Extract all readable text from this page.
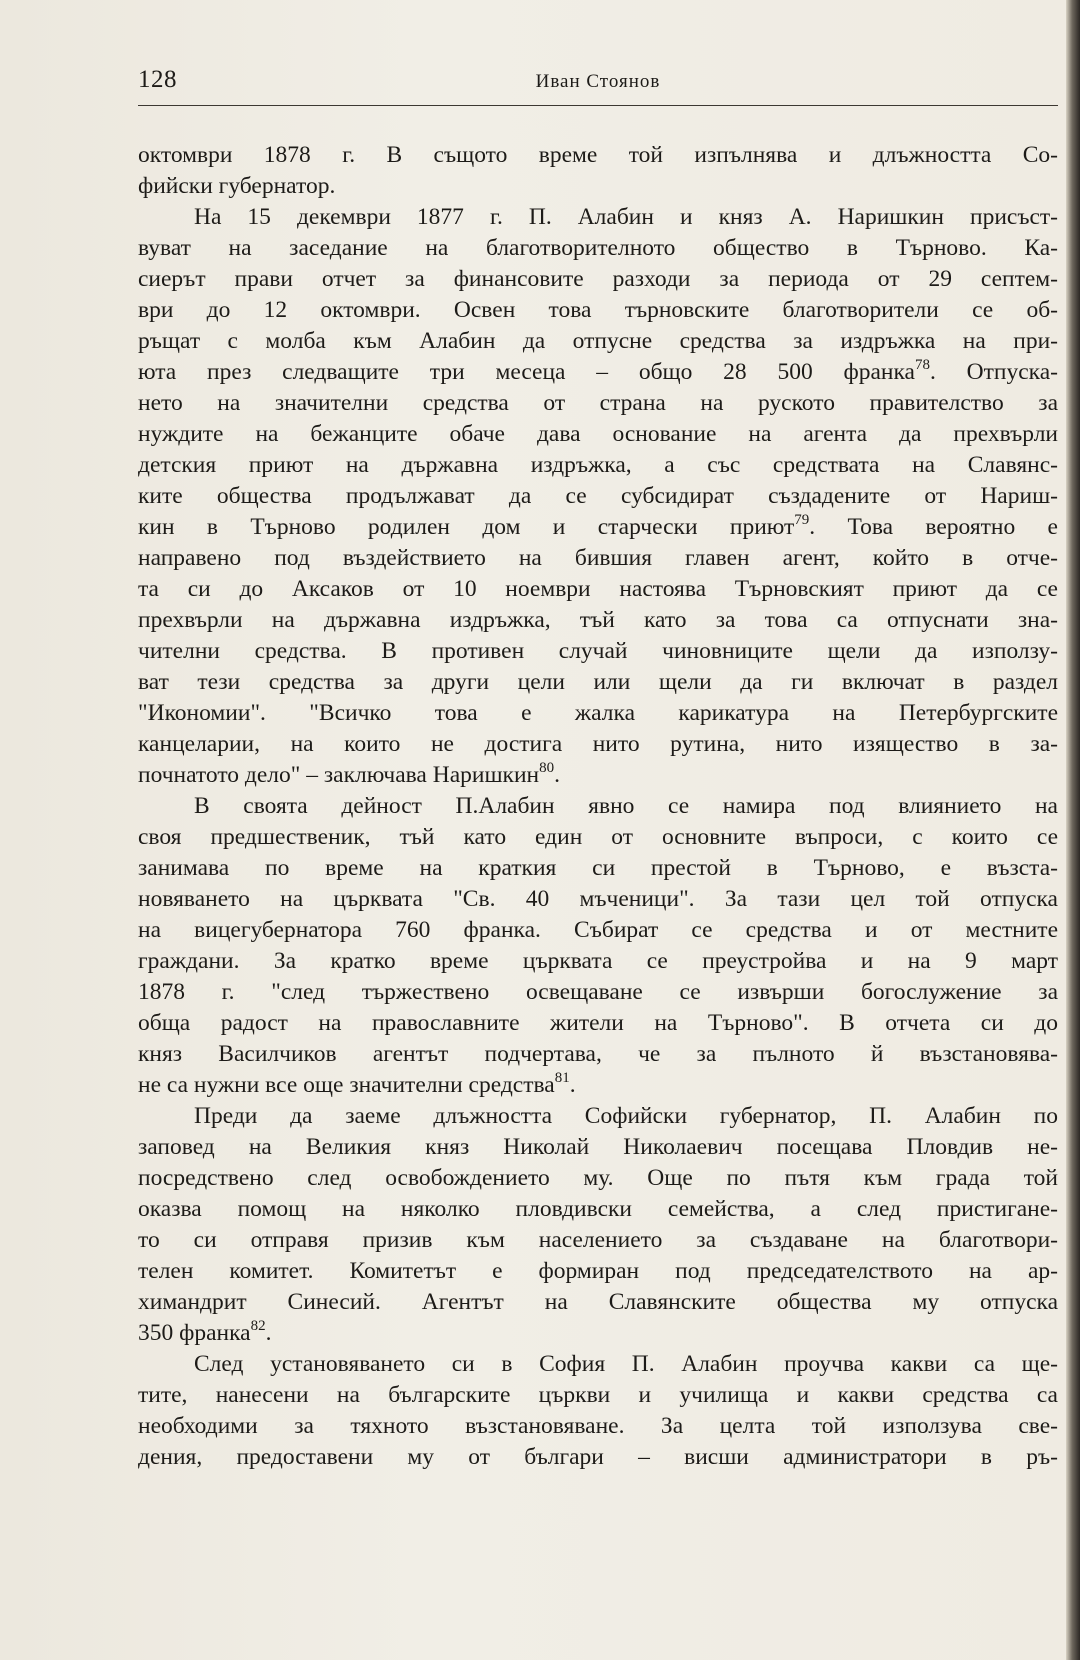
128	Иван Стоянов
октомври 1878 г. В същото време той изпълнява и длъжността Со-
фийски губернатор.
На 15 декември 1877 г. П. Алабин и княз А. Наришкин присъст-
вуват на заседание на благотворителното общество в Търново. Ка-
сиерът прави отчет за финансовите разходи за периода от 29 септем-
ври до 12 октомври. Освен това търновските благотворители се об-
ръщат с молба към Алабин да отпусне средства за издръжка на при-
юта през следващите три месеца – общо 28 500 франка$^{78}$. Отпуска-
нето на значителни средства от страна на руското правителство за
нуждите на бежанците обаче дава основание на агента да прехвърли
детския приют на държавна издръжка, а със средствата на Славянс-
ките общества продължават да се субсидират създадените от Нариш-
кин в Търново родилен дом и старчески приют$^{79}$. Това вероятно е
направено под въздействието на бившия главен агент, който в отче-
та си до Аксаков от 10 ноември настоява Търновският приют да се
прехвърли на държавна издръжка, тъй като за това са отпуснати зна-
чителни средства. В противен случай чиновниците щели да използу-
ват тези средства за други цели или щели да ги включат в раздел
"Икономии". "Всичко това е жалка карикатура на Петербургските
канцеларии, на които не достига нито рутина, нито изящество в за-
почнатото дело" – заключава Наришкин$^{80}$.
В своята дейност П.Алабин явно се намира под влиянието на
своя предшественик, тъй като един от основните въпроси, с които се
занимава по време на краткия си престой в Търново, е възста-
новяването на църквата "Св. 40 мъченици". За тази цел той отпуска
на вицегубернатора 760 франка. Събират се средства и от местните
граждани. За кратко време църквата се преустройва и на 9 март
1878 г. "след тържествено освещаване се извърши богослужение за
обща радост на православните жители на Търново". В отчета си до
княз Василчиков агентът подчертава, че за пълното й възстановява-
не са нужни все още значителни средства$^{81}$.
Преди да заеме длъжността Софийски губернатор, П. Алабин по
заповед на Великия княз Николай Николаевич посещава Пловдив не-
посредствено след освобождението му. Още по пътя към града той
оказва помощ на няколко пловдивски семейства, а след пристигане-
то си отправя призив към населението за създаване на благотвори-
телен комитет. Комитетът е формиран под председателството на ар-
химандрит Синесий. Агентът на Славянските общества му отпуска
350 франка$^{82}$.
След установяването си в София П. Алабин проучва какви са ще-
тите, нанесени на българските църкви и училища и какви средства са
необходими за тяхното възстановяване. За целта той използува све-
дения, предоставени му от българи – висши администратори в ръ-
